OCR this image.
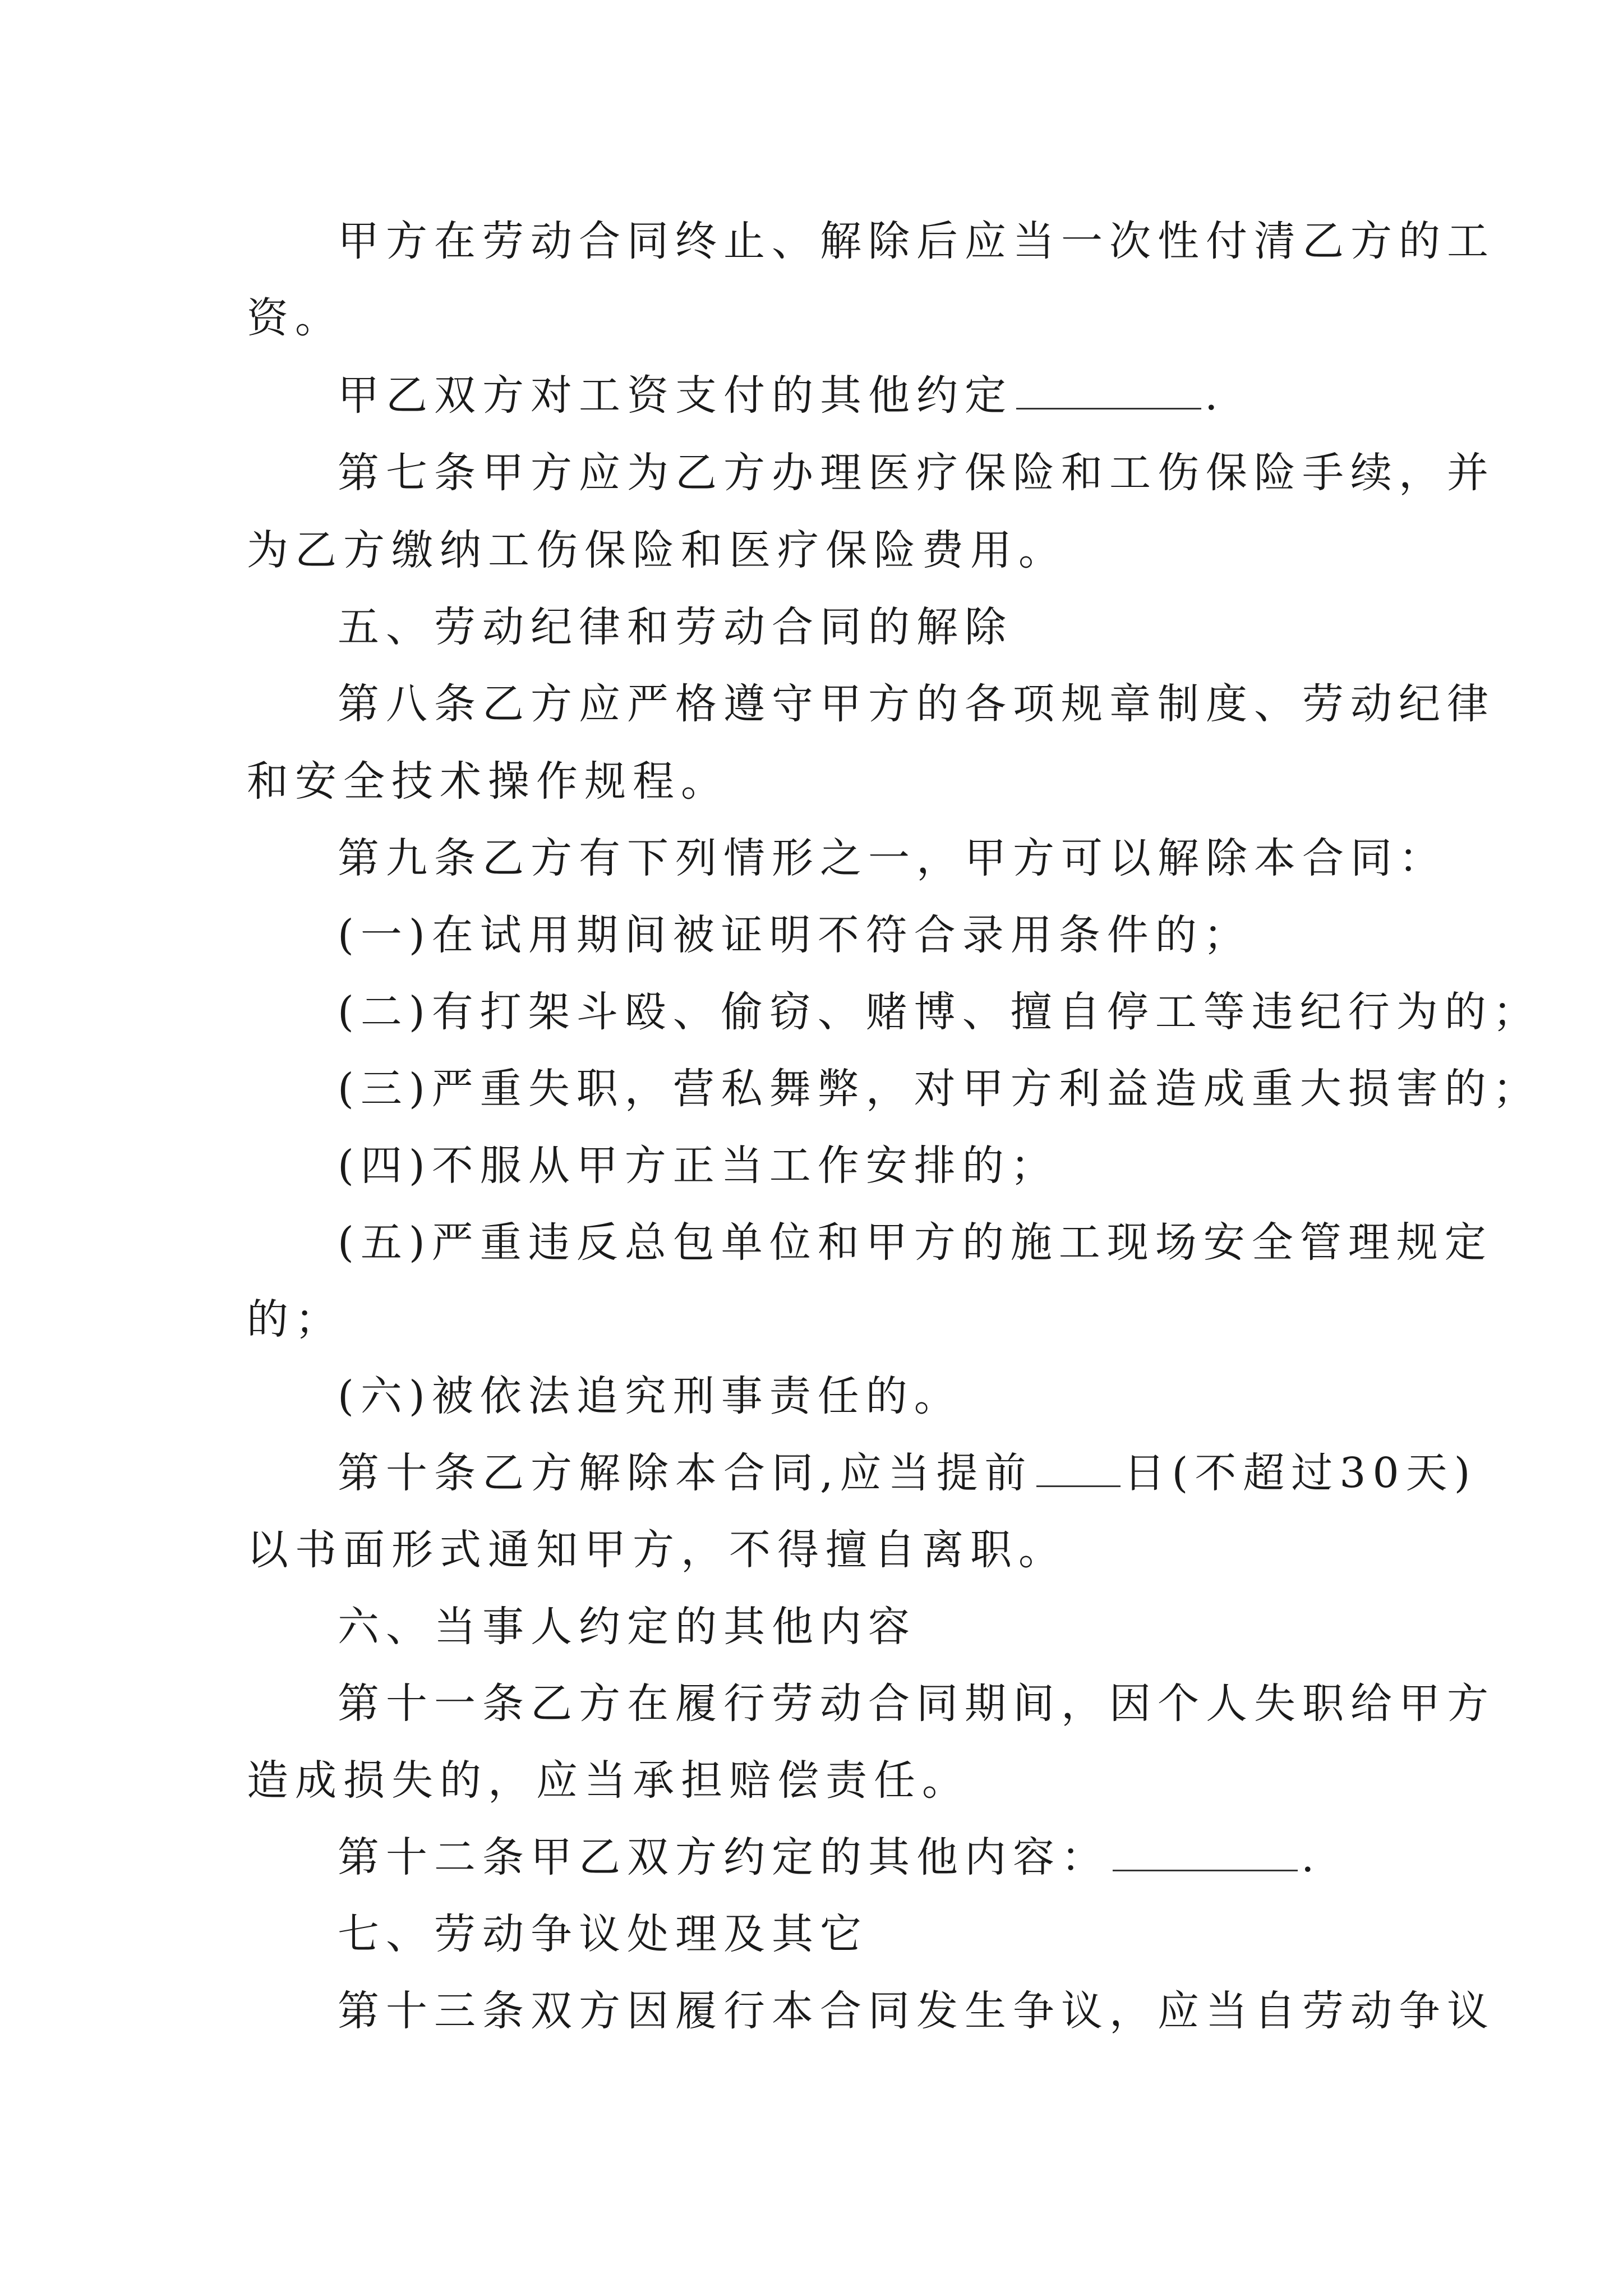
甲方在劳动合同终止、解除后应当一次性付清乙方的工
资。
甲乙双方对工资支付的其他约定	.
第七条甲方应为乙方办理医疗保险和工伤保险手续，并
为乙方缴纳工伤保险和医疗保险费用。
五、劳动纪律和劳动合同的解除
第八条乙方应严格遵守甲方的各项规章制度、劳动纪律
和安全技术操作规程。
第九条乙方有下列情形之一，甲方可以解除本合同：
(一)在试用期间被证明不符合录用条件的；
(二)有打架斗殴、偷窃、赌博、擅自停工等违纪行为的；
(三)严重失职，营私舞弊，对甲方利益造成重大损害的；
(四)不服从甲方正当工作安排的；
(五)严重违反总包单位和甲方的施工现场安全管理规定
的；
(六)被依法追究刑事责任的。
第十条乙方解除本合同,应当提前 日(不超过30天)
以书面形式通知甲方，不得擅自离职。
六、当事人约定的其他内容
第十一条乙方在履行劳动合同期间，因个人失职给甲方
造成损失的，应当承担赔偿责任。
第十二条甲乙双方约定的其他内容：	.
七、劳动争议处理及其它
第十三条双方因履行本合同发生争议，应当自劳动争议
